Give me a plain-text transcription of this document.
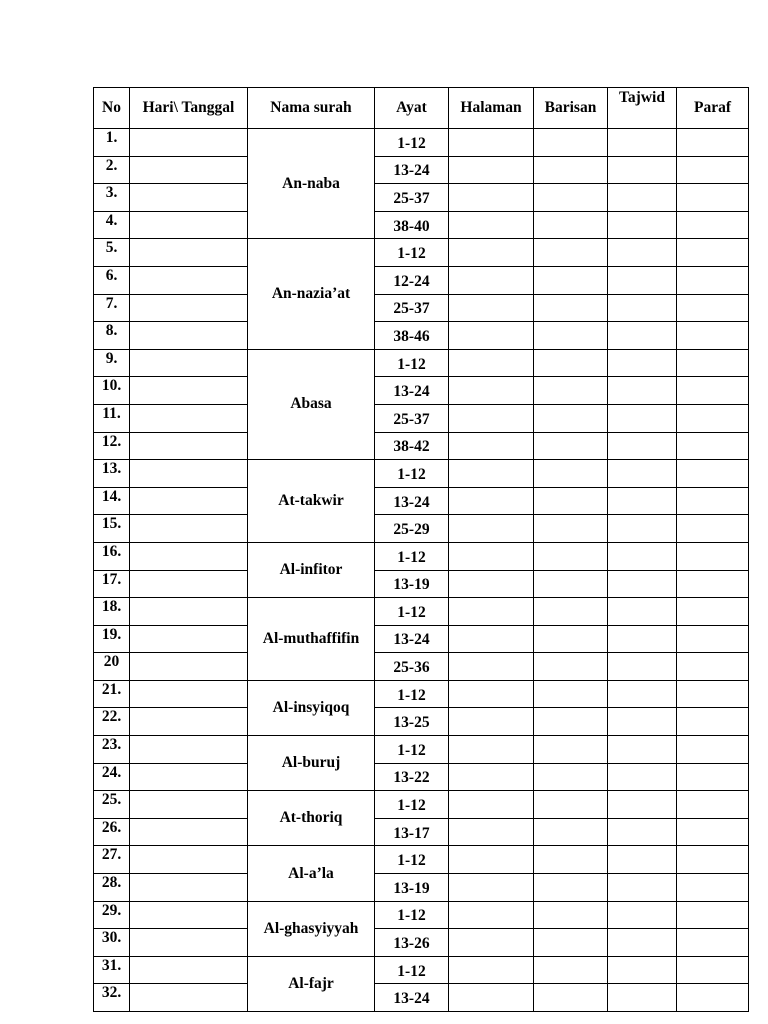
No	Hari\ Tanggal	Nama surah	Ayat	Halaman	Barisan	Tajwid	Paraf
1.		An-naba	1-12				
2.			13-24				
3.			25-37				
4.			38-40				
5.		An-nazia’at	1-12				
6.			12-24				
7.			25-37				
8.			38-46				
9.		Abasa	1-12				
10.			13-24				
11.			25-37				
12.			38-42				
13.		At-takwir	1-12				
14.			13-24				
15.			25-29				
16.		Al-infitor	1-12				
17.			13-19				
18.		Al-muthaffifin	1-12				
19.			13-24				
20			25-36				
21.		Al-insyiqoq	1-12				
22.			13-25				
23.		Al-buruj	1-12				
24.			13-22				
25.		At-thoriq	1-12				
26.			13-17				
27.		Al-a’la	1-12				
28.			13-19				
29.		Al-ghasyiyyah	1-12				
30.			13-26				
31.		Al-fajr	1-12				
32.			13-24				
